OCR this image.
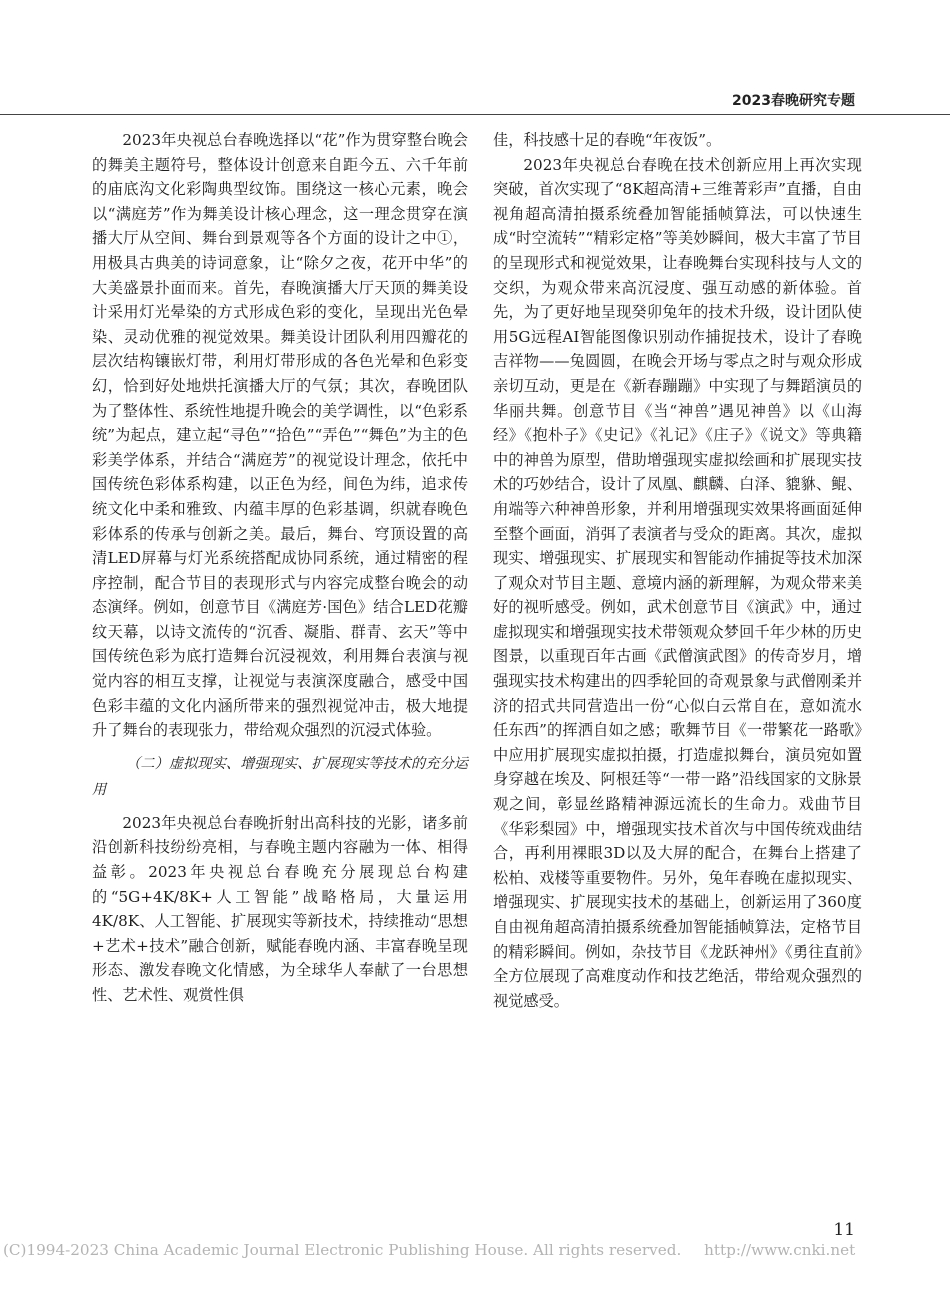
2023春晚研究专题

2023年央视总台春晚选择以“花”作为贯穿整台晚会的舞美主题符号，整体设计创意来自距今五、六千年前的庙底沟文化彩陶典型纹饰。围绕这一核心元素，晚会以“满庭芳”作为舞美设计核心理念，这一理念贯穿在演播大厅从空间、舞台到景观等各个方面的设计之中①，用极具古典美的诗词意象，让“除夕之夜，花开中华”的大美盛景扑面而来。首先，春晚演播大厅天顶的舞美设计采用灯光晕染的方式形成色彩的变化，呈现出光色晕染、灵动优雅的视觉效果。舞美设计团队利用四瓣花的层次结构镶嵌灯带，利用灯带形成的各色光晕和色彩变幻，恰到好处地烘托演播大厅的气氛；其次，春晚团队为了整体性、系统性地提升晚会的美学调性，以“色彩系统”为起点，建立起“寻色”“拾色”“弄色”“舞色”为主的色彩美学体系，并结合“满庭芳”的视觉设计理念，依托中国传统色彩体系构建，以正色为经，间色为纬，追求传统文化中柔和雅致、内蕴丰厚的色彩基调，织就春晚色彩体系的传承与创新之美。最后，舞台、穹顶设置的高清LED屏幕与灯光系统搭配成协同系统，通过精密的程序控制，配合节目的表现形式与内容完成整台晚会的动态演绎。例如，创意节目《满庭芳·国色》结合LED花瓣纹天幕，以诗文流传的“沉香、凝脂、群青、玄天”等中国传统色彩为底打造舞台沉浸视效，利用舞台表演与视觉内容的相互支撑，让视觉与表演深度融合，感受中国色彩丰蕴的文化内涵所带来的强烈视觉冲击，极大地提升了舞台的表现张力，带给观众强烈的沉浸式体验。

（二）虚拟现实、增强现实、扩展现实等技术的充分运用

2023年央视总台春晚折射出高科技的光影，诸多前沿创新科技纷纷亮相，与春晚主题内容融为一体、相得益彰。2023年央视总台春晚充分展现总台构建的“5G+4K/8K+人工智能”战略格局，大量运用4K/8K、人工智能、扩展现实等新技术，持续推动“思想+艺术+技术”融合创新，赋能春晚内涵、丰富春晚呈现形态、激发春晚文化情感，为全球华人奉献了一台思想性、艺术性、观赏性俱

佳，科技感十足的春晚“年夜饭”。

2023年央视总台春晚在技术创新应用上再次实现突破，首次实现了“8K超高清+三维菁彩声”直播，自由视角超高清拍摄系统叠加智能插帧算法，可以快速生成“时空流转”“精彩定格”等美妙瞬间，极大丰富了节目的呈现形式和视觉效果，让春晚舞台实现科技与人文的交织，为观众带来高沉浸度、强互动感的新体验。首先，为了更好地呈现癸卯兔年的技术升级，设计团队使用5G远程AI智能图像识别动作捕捉技术，设计了春晚吉祥物——兔圆圆，在晚会开场与零点之时与观众形成亲切互动，更是在《新春蹦蹦》中实现了与舞蹈演员的华丽共舞。创意节目《当“神兽”遇见神兽》以《山海经》《抱朴子》《史记》《礼记》《庄子》《说文》等典籍中的神兽为原型，借助增强现实虚拟绘画和扩展现实技术的巧妙结合，设计了凤凰、麒麟、白泽、貔貅、鲲、甪端等六种神兽形象，并利用增强现实效果将画面延伸至整个画面，消弭了表演者与受众的距离。其次，虚拟现实、增强现实、扩展现实和智能动作捕捉等技术加深了观众对节目主题、意境内涵的新理解，为观众带来美好的视听感受。例如，武术创意节目《演武》中，通过虚拟现实和增强现实技术带领观众梦回千年少林的历史图景，以重现百年古画《武僧演武图》的传奇岁月，增强现实技术构建出的四季轮回的奇观景象与武僧刚柔并济的招式共同营造出一份“心似白云常自在，意如流水任东西”的挥洒自如之感；歌舞节目《一带繁花一路歌》中应用扩展现实虚拟拍摄，打造虚拟舞台，演员宛如置身穿越在埃及、阿根廷等“一带一路”沿线国家的文脉景观之间，彰显丝路精神源远流长的生命力。戏曲节目《华彩梨园》中，增强现实技术首次与中国传统戏曲结合，再利用裸眼3D以及大屏的配合，在舞台上搭建了松柏、戏楼等重要物件。另外，兔年春晚在虚拟现实、增强现实、扩展现实技术的基础上，创新运用了360度自由视角超高清拍摄系统叠加智能插帧算法，定格节目的精彩瞬间。例如，杂技节目《龙跃神州》《勇往直前》全方位展现了高难度动作和技艺绝活，带给观众强烈的视觉感受。

11
(C)1994-2023 China Academic Journal Electronic Publishing House. All rights reserved. http://www.cnki.net
